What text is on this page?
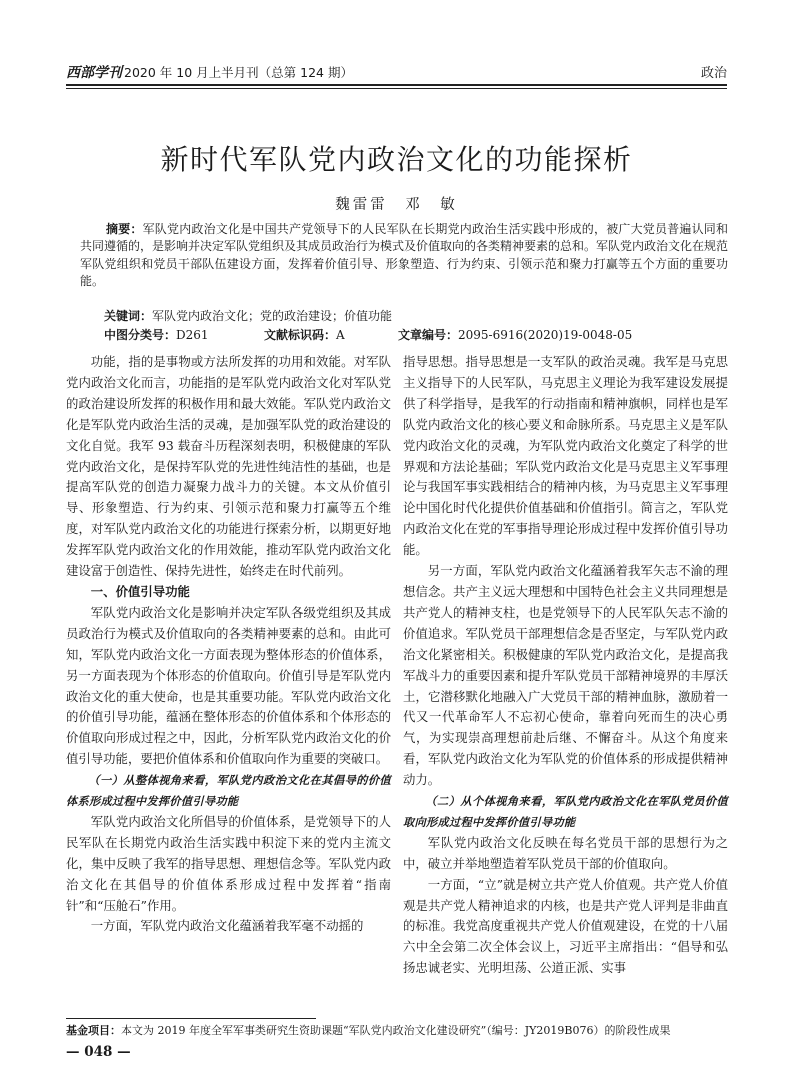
西部学刊 2020 年 10 月上半月刊（总第 124 期）	政治
新时代军队党内政治文化的功能探析
魏雷雷　邓　敏
摘要：军队党内政治文化是中国共产党领导下的人民军队在长期党内政治生活实践中形成的，被广大党员普遍认同和共同遵循的，是影响并决定军队党组织及其成员政治行为模式及价值取向的各类精神要素的总和。军队党内政治文化在规范军队党组织和党员干部队伍建设方面，发挥着价值引导、形象塑造、行为约束、引领示范和聚力打赢等五个方面的重要功能。
关键词：军队党内政治文化；党的政治建设；价值功能
中图分类号：D261	文献标识码：A	文章编号：2095-6916(2020)19-0048-05

功能，指的是事物或方法所发挥的功用和效能。对军队党内政治文化而言，功能指的是军队党内政治文化对军队党的政治建设所发挥的积极作用和最大效能。军队党内政治文化是军队党内政治生活的灵魂，是加强军队党的政治建设的文化自觉。我军 93 载奋斗历程深刻表明，积极健康的军队党内政治文化，是保持军队党的先进性纯洁性的基础，也是提高军队党的创造力凝聚力战斗力的关键。本文从价值引导、形象塑造、行为约束、引领示范和聚力打赢等五个维度，对军队党内政治文化的功能进行探索分析，以期更好地发挥军队党内政治文化的作用效能，推动军队党内政治文化建设富于创造性、保持先进性，始终走在时代前列。

一、价值引导功能

军队党内政治文化是影响并决定军队各级党组织及其成员政治行为模式及价值取向的各类精神要素的总和。由此可知，军队党内政治文化一方面表现为整体形态的价值体系，另一方面表现为个体形态的价值取向。价值引导是军队党内政治文化的重大使命，也是其重要功能。军队党内政治文化的价值引导功能，蕴涵在整体形态的价值体系和个体形态的价值取向形成过程之中，因此，分析军队党内政治文化的价值引导功能，要把价值体系和价值取向作为重要的突破口。

（一）从整体视角来看，军队党内政治文化在其倡导的价值体系形成过程中发挥价值引导功能

军队党内政治文化所倡导的价值体系，是党领导下的人民军队在长期党内政治生活实践中积淀下来的党内主流文化，集中反映了我军的指导思想、理想信念等。军队党内政治文化在其倡导的价值体系形成过程中发挥着“指南针”和“压舱石”作用。

一方面，军队党内政治文化蕴涵着我军毫不动摇的

指导思想。指导思想是一支军队的政治灵魂。我军是马克思主义指导下的人民军队，马克思主义理论为我军建设发展提供了科学指导，是我军的行动指南和精神旗帜，同样也是军队党内政治文化的核心要义和命脉所系。马克思主义是军队党内政治文化的灵魂，为军队党内政治文化奠定了科学的世界观和方法论基础；军队党内政治文化是马克思主义军事理论与我国军事实践相结合的精神内核，为马克思主义军事理论中国化时代化提供价值基础和价值指引。简言之，军队党内政治文化在党的军事指导理论形成过程中发挥价值引导功能。

另一方面，军队党内政治文化蕴涵着我军矢志不渝的理想信念。共产主义远大理想和中国特色社会主义共同理想是共产党人的精神支柱，也是党领导下的人民军队矢志不渝的价值追求。军队党员干部理想信念是否坚定，与军队党内政治文化紧密相关。积极健康的军队党内政治文化，是提高我军战斗力的重要因素和提升军队党员干部精神境界的丰厚沃土，它潜移默化地融入广大党员干部的精神血脉，激励着一代又一代革命军人不忘初心使命，靠着向死而生的决心勇气，为实现崇高理想前赴后继、不懈奋斗。从这个角度来看，军队党内政治文化为军队党的价值体系的形成提供精神动力。

（二）从个体视角来看，军队党内政治文化在军队党员价值取向形成过程中发挥价值引导功能

军队党内政治文化反映在每名党员干部的思想行为之中，破立并举地塑造着军队党员干部的价值取向。

一方面，“立”就是树立共产党人价值观。共产党人价值观是共产党人精神追求的内核，也是共产党人评判是非曲直的标准。我党高度重视共产党人价值观建设，在党的十八届六中全会第二次全体会议上，习近平主席指出：“倡导和弘扬忠诚老实、光明坦荡、公道正派、实事

基金项目：本文为 2019 年度全军军事类研究生资助课题“军队党内政治文化建设研究”（编号：JY2019B076）的阶段性成果
— 048 —
